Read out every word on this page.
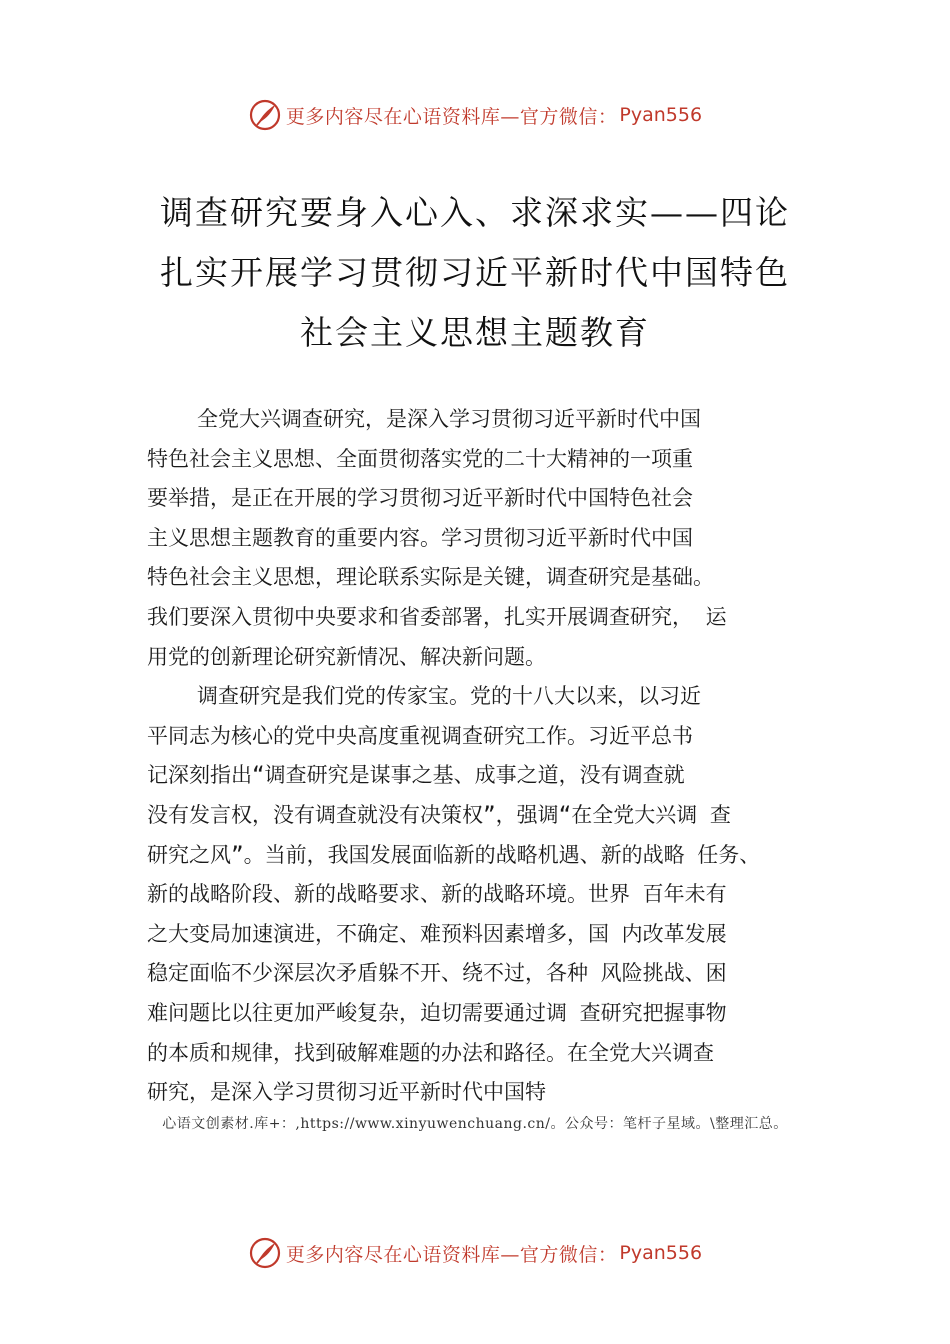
更多内容尽在心语资料库—官方微信： Pyan556
调查研究要身入心入、求深求实——四论
扎实开展学习贯彻习近平新时代中国特色
社会主义思想主题教育
全党大兴调查研究，是深入学习贯彻习近平新时代中国
特色社会主义思想、全面贯彻落实党的二十大精神的一项重
要举措，是正在开展的学习贯彻习近平新时代中国特色社会
主义思想主题教育的重要内容。学习贯彻习近平新时代中国
特色社会主义思想，理论联系实际是关键，调查研究是基础。
我们要深入贯彻中央要求和省委部署，扎实开展调查研究， 运
用党的创新理论研究新情况、解决新问题。
调查研究是我们党的传家宝。党的十八大以来，以习近
平同志为核心的党中央高度重视调查研究工作。习近平总书
记深刻指出“调查研究是谋事之基、成事之道，没有调查就
没有发言权，没有调查就没有决策权”，强调“在全党大兴调 查
研究之风”。当前，我国发展面临新的战略机遇、新的战略 任务、
新的战略阶段、新的战略要求、新的战略环境。世界 百年未有
之大变局加速演进，不确定、难预料因素增多，国 内改革发展
稳定面临不少深层次矛盾躲不开、绕不过，各种 风险挑战、困
难问题比以往更加严峻复杂，迫切需要通过调 查研究把握事物
的本质和规律，找到破解难题的办法和路径。在全党大兴调查
研究，是深入学习贯彻习近平新时代中国特
心语文创素材.库+：,https://www.xinyuwenchuang.cn/。公众号：笔杆子星域。\整理汇总。
更多内容尽在心语资料库—官方微信： Pyan556
